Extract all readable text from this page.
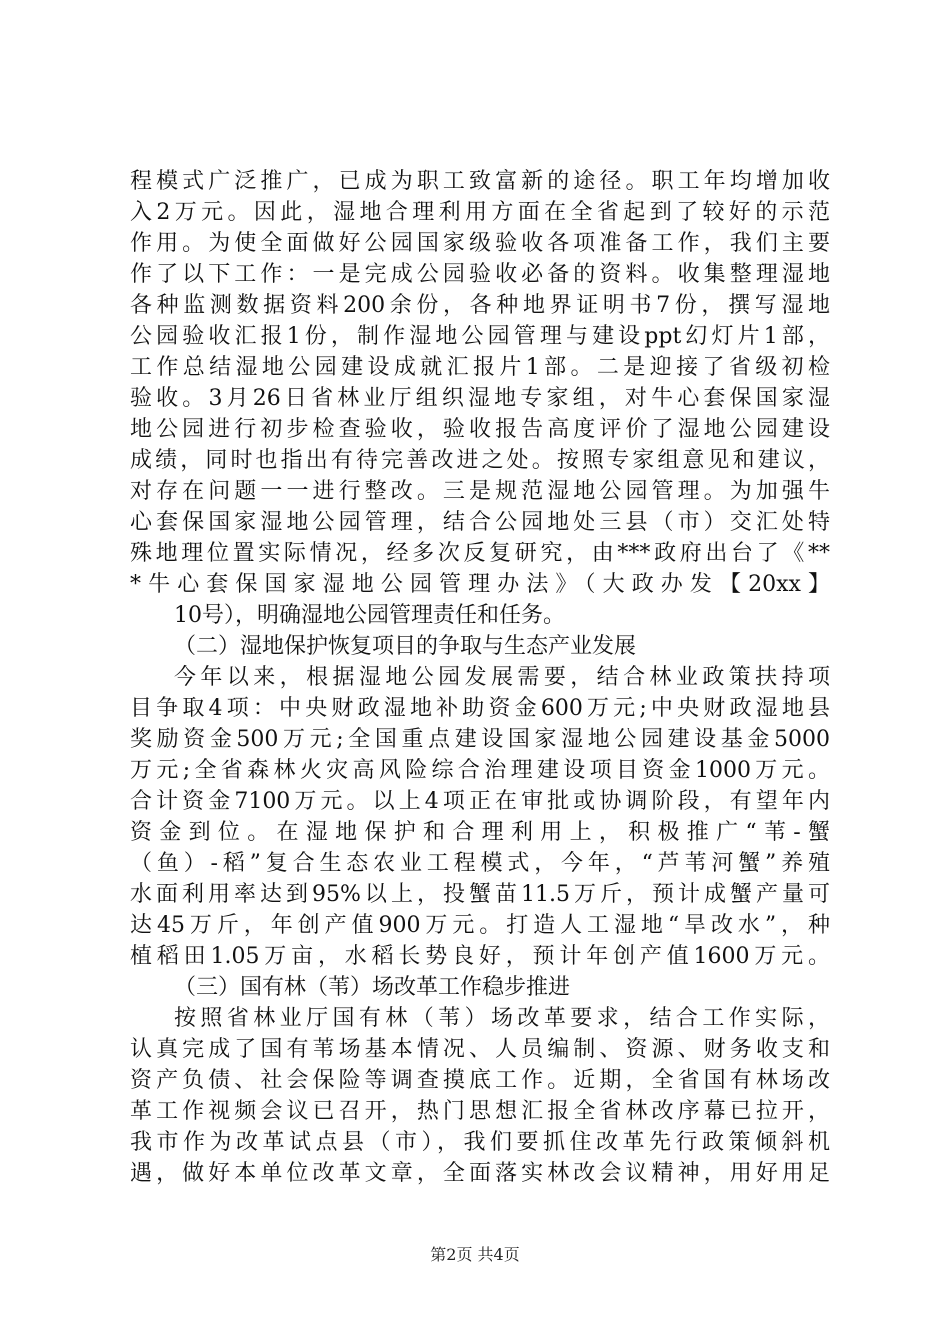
程模式广泛推广，已成为职工致富新的途径。职工年均增加收
入2万元。因此，湿地合理利用方面在全省起到了较好的示范
作用。为使全面做好公园国家级验收各项准备工作，我们主要
作了以下工作：一是完成公园验收必备的资料。收集整理湿地
各种监测数据资料200余份，各种地界证明书7份，撰写湿地
公园验收汇报1份，制作湿地公园管理与建设ppt幻灯片1部，
工作总结湿地公园建设成就汇报片1部。二是迎接了省级初检
验收。3月26日省林业厅组织湿地专家组，对牛心套保国家湿
地公园进行初步检查验收，验收报告高度评价了湿地公园建设
成绩，同时也指出有待完善改进之处。按照专家组意见和建议，
对存在问题一一进行整改。三是规范湿地公园管理。为加强牛
心套保国家湿地公园管理，结合公园地处三县（市）交汇处特
殊地理位置实际情况，经多次反复研究，由***政府出台了《**
*牛心套保国家湿地公园管理办法》（大政办发【20xx】
10号），明确湿地公园管理责任和任务。
（二）湿地保护恢复项目的争取与生态产业发展
今年以来，根据湿地公园发展需要，结合林业政策扶持项
目争取4项：中央财政湿地补助资金600万元;中央财政湿地县
奖励资金500万元;全国重点建设国家湿地公园建设基金5000
万元;全省森林火灾高风险综合治理建设项目资金1000万元。
合计资金7100万元。以上4项正在审批或协调阶段，有望年内
资金到位。在湿地保护和合理利用上，积极推广“苇-蟹
（鱼）-稻”复合生态农业工程模式，今年，“芦苇河蟹”养殖
水面利用率达到95%以上，投蟹苗11.5万斤，预计成蟹产量可
达45万斤，年创产值900万元。打造人工湿地“旱改水”，种
植稻田1.05万亩，水稻长势良好，预计年创产值1600万元。
（三）国有林（苇）场改革工作稳步推进
按照省林业厅国有林（苇）场改革要求，结合工作实际，
认真完成了国有苇场基本情况、人员编制、资源、财务收支和
资产负债、社会保险等调查摸底工作。近期，全省国有林场改
革工作视频会议已召开，热门思想汇报全省林改序幕已拉开，
我市作为改革试点县（市），我们要抓住改革先行政策倾斜机
遇，做好本单位改革文章，全面落实林改会议精神，用好用足
第2页 共4页
